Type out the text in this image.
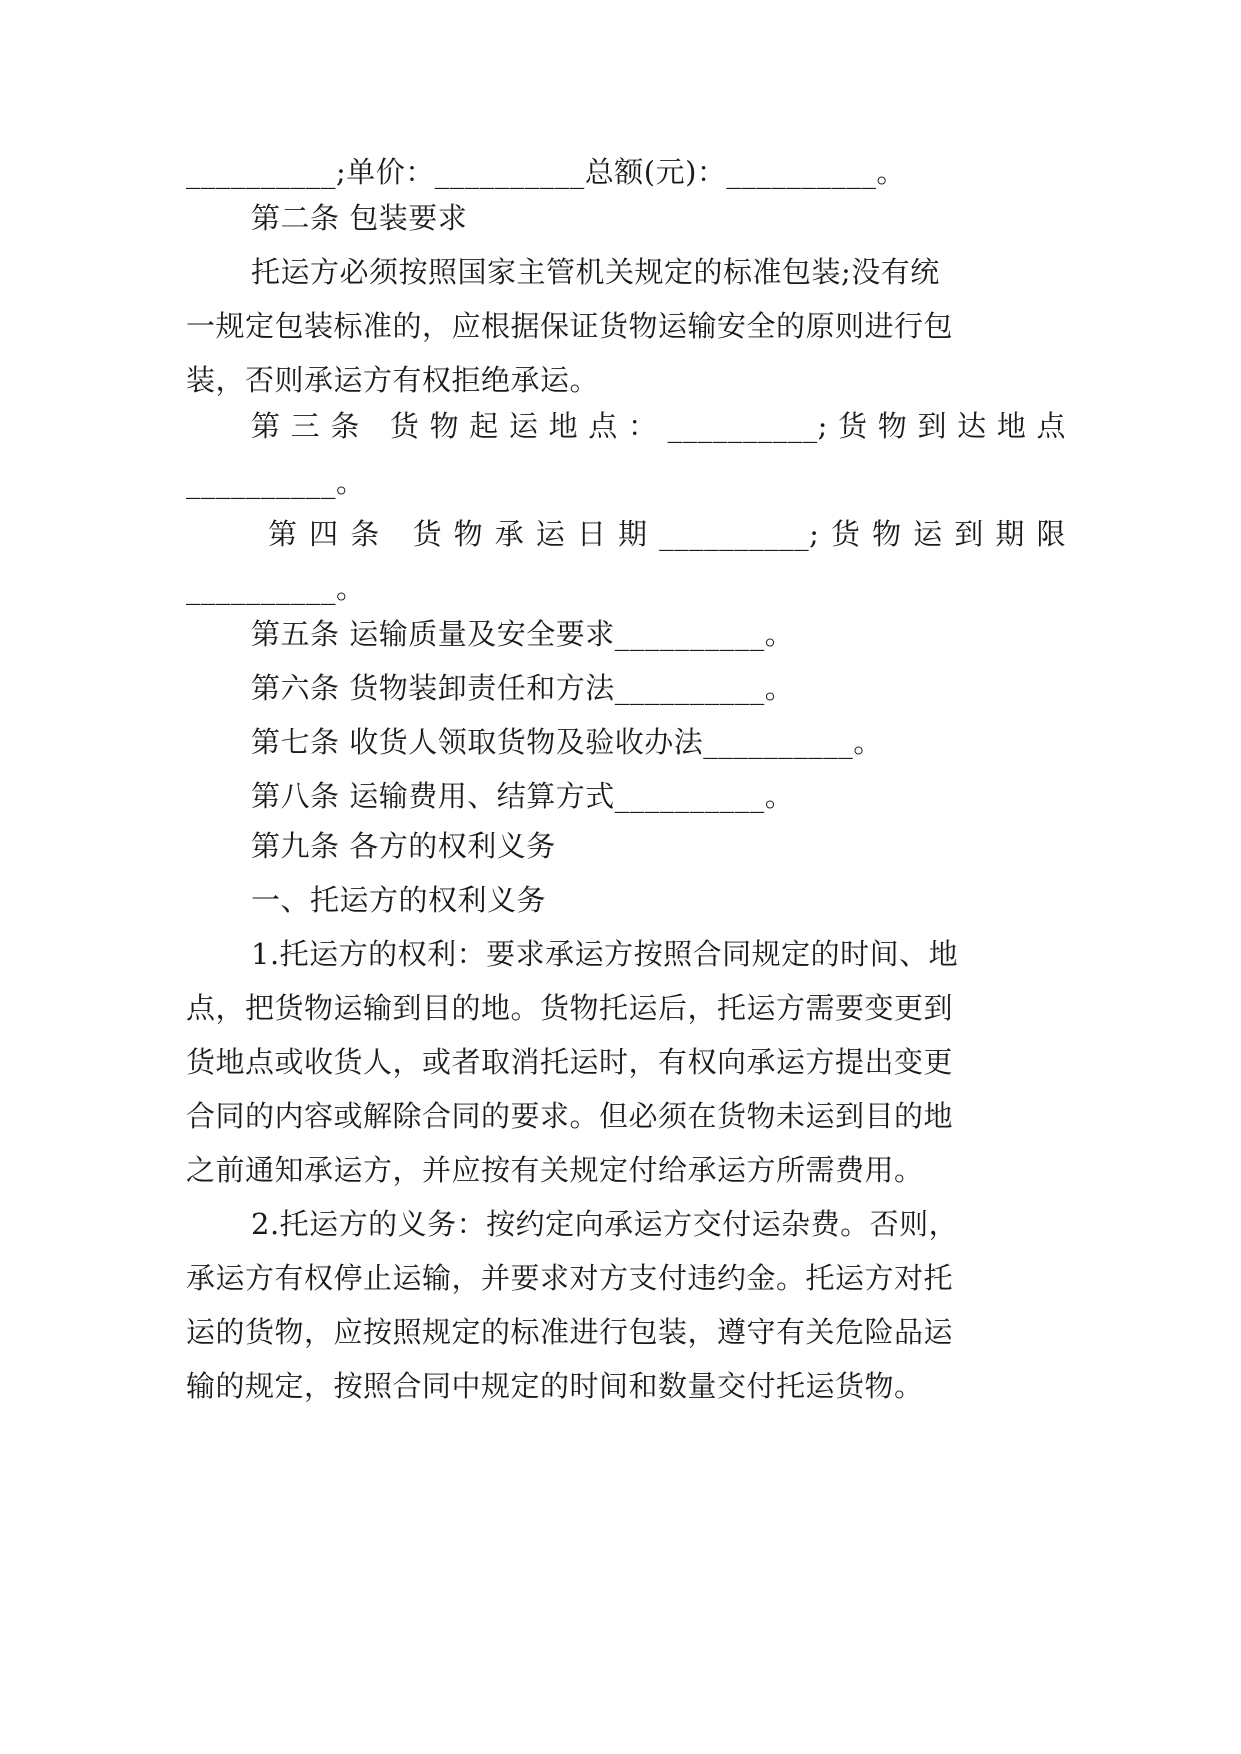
__________;单价：__________总额(元)：__________。
第二条 包装要求
托运方必须按照国家主管机关规定的标准包装;没有统
一规定包装标准的，应根据保证货物运输安全的原则进行包
装，否则承运方有权拒绝承运。
第三条 货物起运地点：__________;货物到达地点
__________。
第四条 货物承运日期__________;货物运到期限
__________。
第五条 运输质量及安全要求__________。
第六条 货物装卸责任和方法__________。
第七条 收货人领取货物及验收办法__________。
第八条 运输费用、结算方式__________。
第九条 各方的权利义务
一、托运方的权利义务
1.托运方的权利：要求承运方按照合同规定的时间、地
点，把货物运输到目的地。货物托运后，托运方需要变更到
货地点或收货人，或者取消托运时，有权向承运方提出变更
合同的内容或解除合同的要求。但必须在货物未运到目的地
之前通知承运方，并应按有关规定付给承运方所需费用。
2.托运方的义务：按约定向承运方交付运杂费。否则，
承运方有权停止运输，并要求对方支付违约金。托运方对托
运的货物，应按照规定的标准进行包装，遵守有关危险品运
输的规定，按照合同中规定的时间和数量交付托运货物。
